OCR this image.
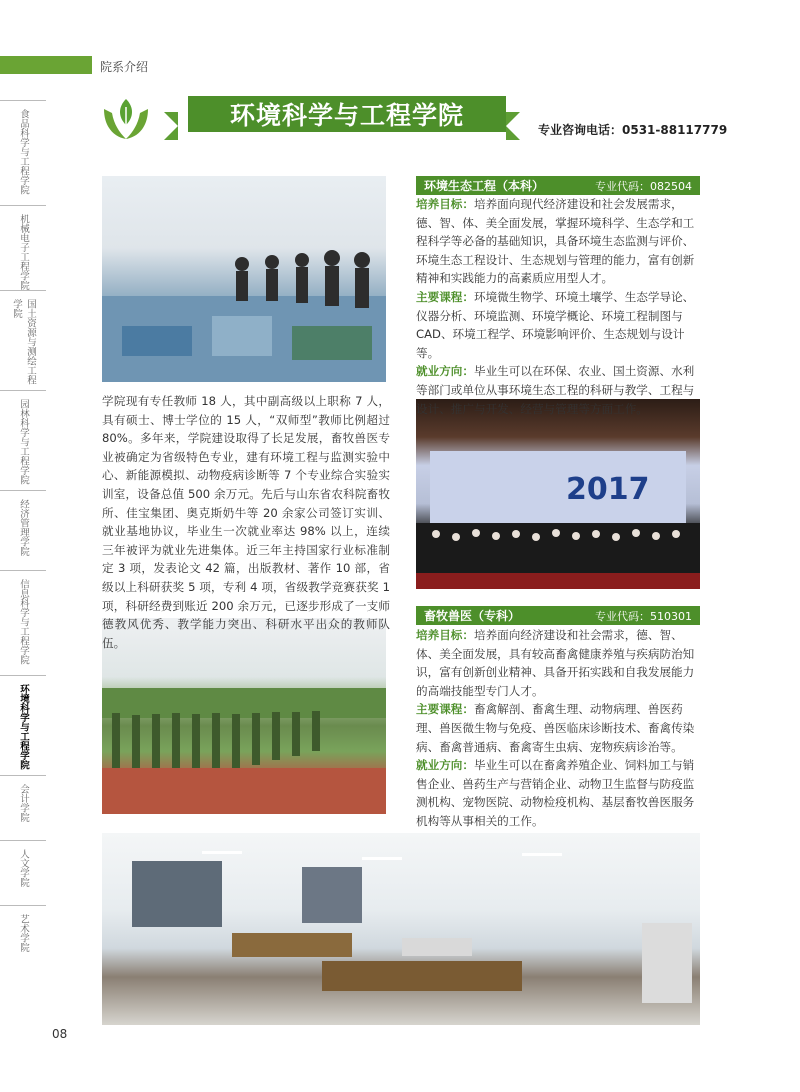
院系介绍
食品科学与工程学院
机械电子工程学院
国土资源与测绘工程学院
园林科学与工程学院
经济管理学院
信息科学与工程学院
环境科学与工程学院
会计学院
人文学院
艺术学院
环境科学与工程学院	专业咨询电话：0531-88117779
2017
学院现有专任教师 18 人，其中副高级以上职称 7 人，具有硕士、博士学位的 15 人，“双师型”教师比例超过 80%。多年来，学院建设取得了长足发展，畜牧兽医专业被确定为省级特色专业，建有环境工程与监测实验中心、新能源模拟、动物疫病诊断等 7 个专业综合实验实训室，设备总值 500 余万元。先后与山东省农科院畜牧所、佳宝集团、奥克斯奶牛等 20 余家公司签订实训、就业基地协议，毕业生一次就业率达 98% 以上，连续三年被评为就业先进集体。近三年主持国家行业标准制定 3 项，发表论文 42 篇，出版教材、著作 10 部，省级以上科研获奖 5 项，专利 4 项，省级教学竞赛获奖 1 项，科研经费到账近 200 余万元，已逐步形成了一支师德教风优秀、教学能力突出、科研水平出众的教师队伍。
环境生态工程（本科）	专业代码：082504

培养目标：培养面向现代经济建设和社会发展需求，德、智、体、美全面发展，掌握环境科学、生态学和工程科学等必备的基础知识，具备环境生态监测与评价、环境生态工程设计、生态规划与管理的能力，富有创新精神和实践能力的高素质应用型人才。

主要课程：环境微生物学、环境土壤学、生态学导论、仪器分析、环境监测、环境学概论、环境工程制图与 CAD、环境工程学、环境影响评价、生态规划与设计等。

就业方向：毕业生可以在环保、农业、国土资源、水利等部门或单位从事环境生态工程的科研与教学、工程与设计、推广与开发、经营与管理等方面工作。

畜牧兽医（专科）	专业代码：510301

培养目标：培养面向经济建设和社会需求，德、智、体、美全面发展，具有较高畜禽健康养殖与疾病防治知识，富有创新创业精神、具备开拓实践和自我发展能力的高端技能型专门人才。

主要课程：畜禽解剖、畜禽生理、动物病理、兽医药理、兽医微生物与免疫、兽医临床诊断技术、畜禽传染病、畜禽普通病、畜禽寄生虫病、宠物疾病诊治等。

就业方向：毕业生可以在畜禽养殖企业、饲料加工与销售企业、兽药生产与营销企业、动物卫生监督与防疫监测机构、宠物医院、动物检疫机构、基层畜牧兽医服务机构等从事相关的工作。

08
